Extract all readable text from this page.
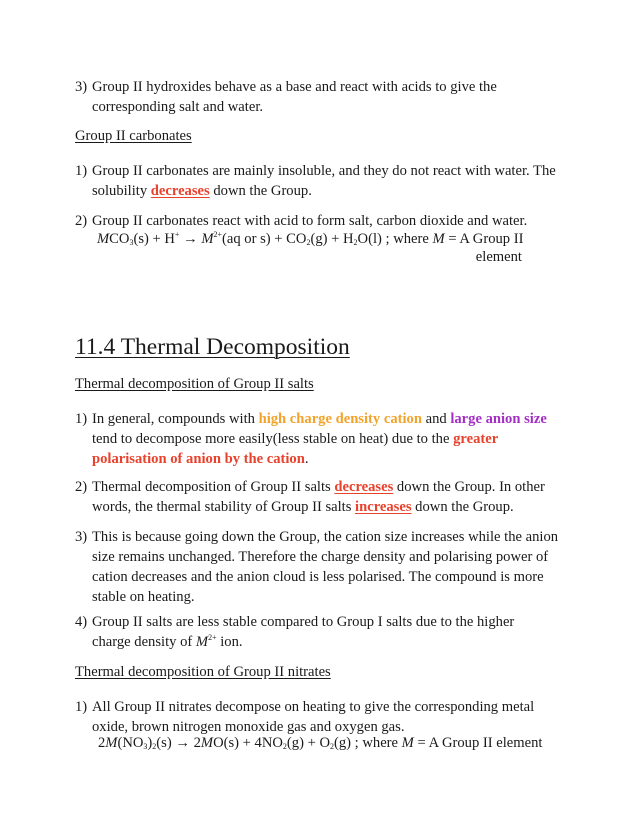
3) Group II hydroxides behave as a base and react with acids to give the
corresponding salt and water.
Group II carbonates
1) Group II carbonates are mainly insoluble, and they do not react with water. The
solubility decreases down the Group.
2) Group II carbonates react with acid to form salt, carbon dioxide and water.
$MCO_3(s) + H^+ \to M^{2+}(aq$ or $s) + CO_2(g) + H_2O(l)$ ; where M = A Group II
element
11.4 Thermal Decomposition
Thermal decomposition of Group II salts
1) In general, compounds with high charge density cation and large anion size tend to decompose more easily(less stable on heat) due to the greater polarisation of anion by the cation.
2) Thermal decomposition of Group II salts decreases down the Group. In other words, the thermal stability of Group II salts increases down the Group.
3) This is because going down the Group, the cation size increases while the anion size remains unchanged. Therefore the charge density and polarising power of cation decreases and the anion cloud is less polarised. The compound is more stable on heating.
4) Group II salts are less stable compared to Group I salts due to the higher
charge density of $M^{2+}$ ion.
Thermal decomposition of Group II nitrates
1) All Group II nitrates decompose on heating to give the corresponding metal
oxide, brown nitrogen monoxide gas and oxygen gas.
$2M(NO_3)_2(s) \to 2MO(s) + 4NO_2(g) + O_2(g)$ ; where M = A Group II element
